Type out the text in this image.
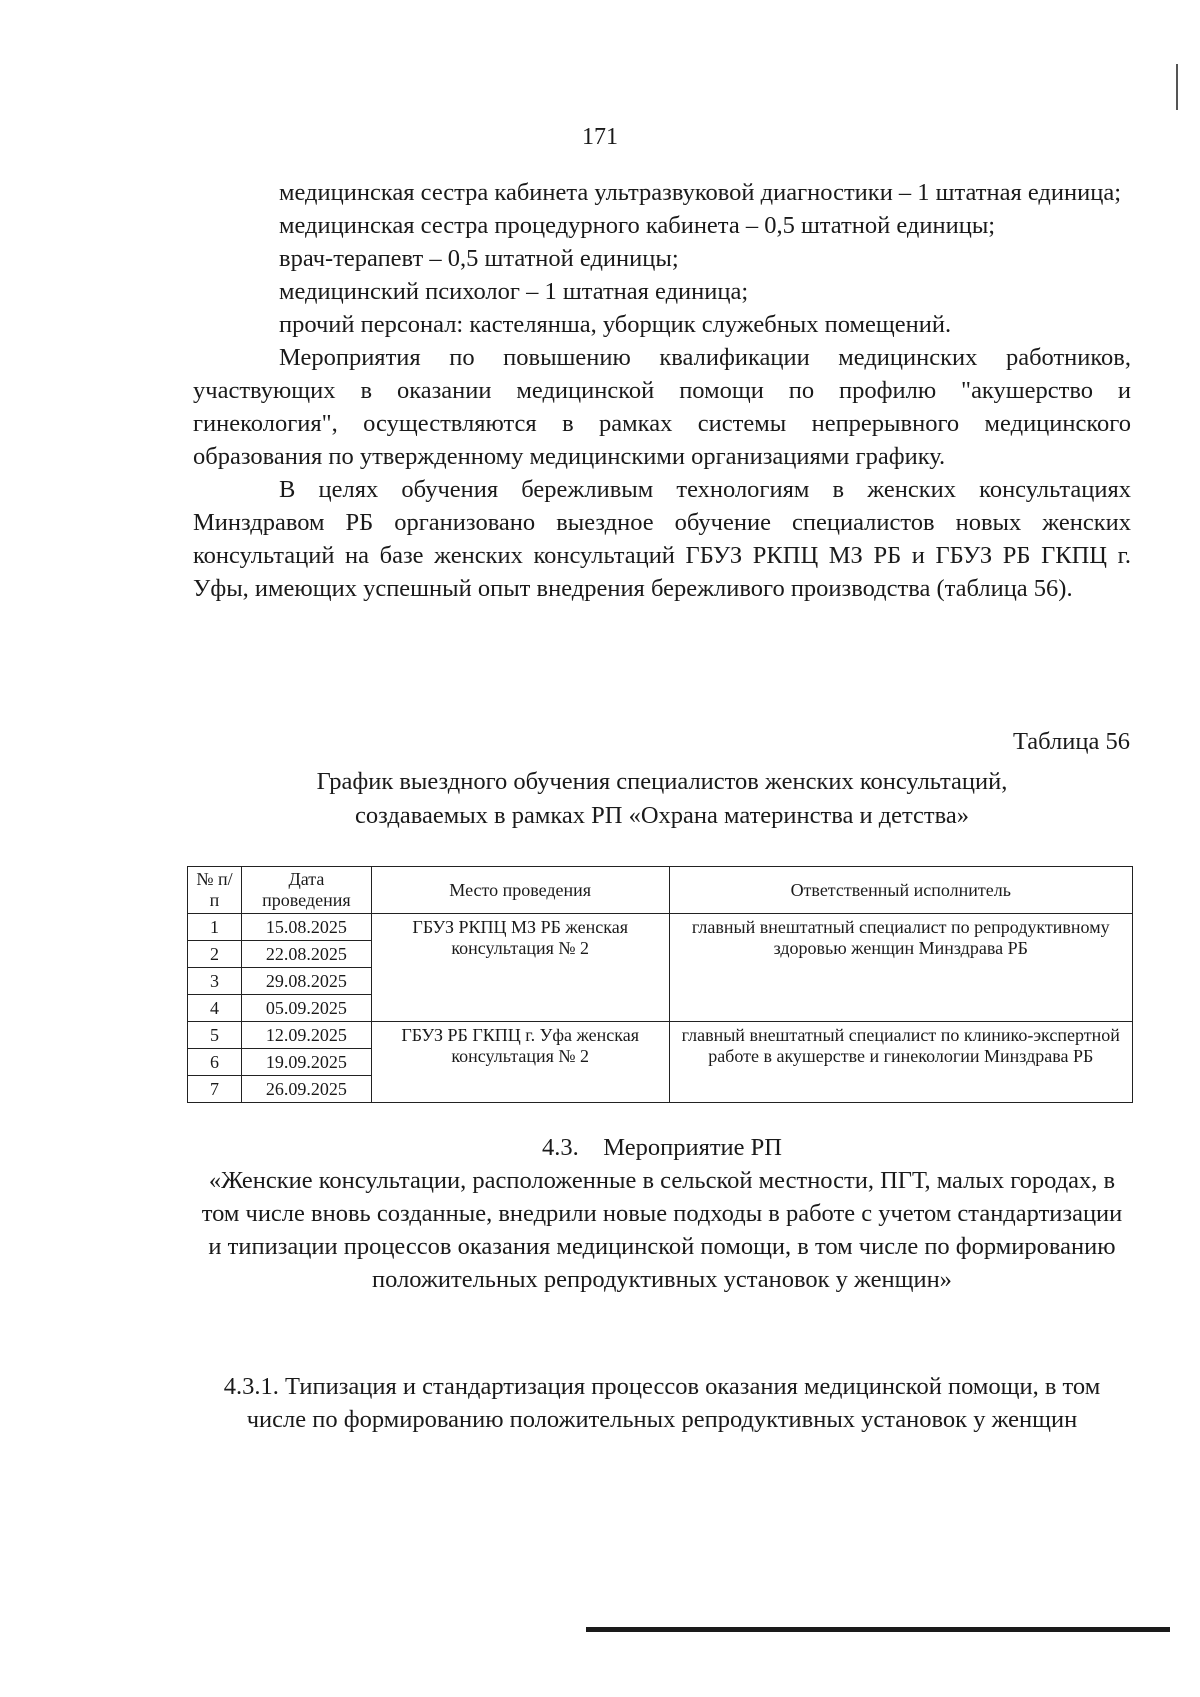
171

медицинская сестра кабинета ультразвуковой диагностики – 1 штатная единица;

медицинская сестра процедурного кабинета – 0,5 штатной единицы;

врач-терапевт – 0,5 штатной единицы;

медицинский психолог – 1 штатная единица;

прочий персонал: кастелянша, уборщик служебных помещений.

Мероприятия по повышению квалификации медицинских работников, участвующих в оказании медицинской помощи по профилю "акушерство и гинекология", осуществляются в рамках системы непрерывного медицинского образования по утвержденному медицинскими организациями графику.

В целях обучения бережливым технологиям в женских консультациях Минздравом РБ организовано выездное обучение специалистов новых женских консультаций на базе женских консультаций ГБУЗ РКПЦ МЗ РБ и ГБУЗ РБ ГКПЦ г. Уфы, имеющих успешный опыт внедрения бережливого производства (таблица 56).

Таблица 56
График выездного обучения специалистов женских консультаций,
создаваемых в рамках РП «Охрана материнства и детства»
№ п/п	Дата проведения	Место проведения	Ответственный исполнитель
1	15.08.2025	ГБУЗ РКПЦ МЗ РБ женская консультация № 2	главный внештатный специалист по репродуктивному здоровью женщин Минздрава РБ
2	22.08.2025		
3	29.08.2025		
4	05.09.2025		
5	12.09.2025	ГБУЗ РБ ГКПЦ г. Уфа женская консультация № 2	главный внештатный специалист по клинико-экспертной работе в акушерстве и гинекологии Минздрава РБ
6	19.09.2025		
7	26.09.2025		
4.3.    Мероприятие РП
«Женские консультации, расположенные в сельской местности, ПГТ, малых городах, в том числе вновь созданные, внедрили новые подходы в работе с учетом стандартизации и типизации процессов оказания медицинской помощи, в том числе по формированию положительных репродуктивных установок у женщин»
4.3.1. Типизация и стандартизация процессов оказания медицинской помощи, в том числе по формированию положительных репродуктивных установок у женщин
